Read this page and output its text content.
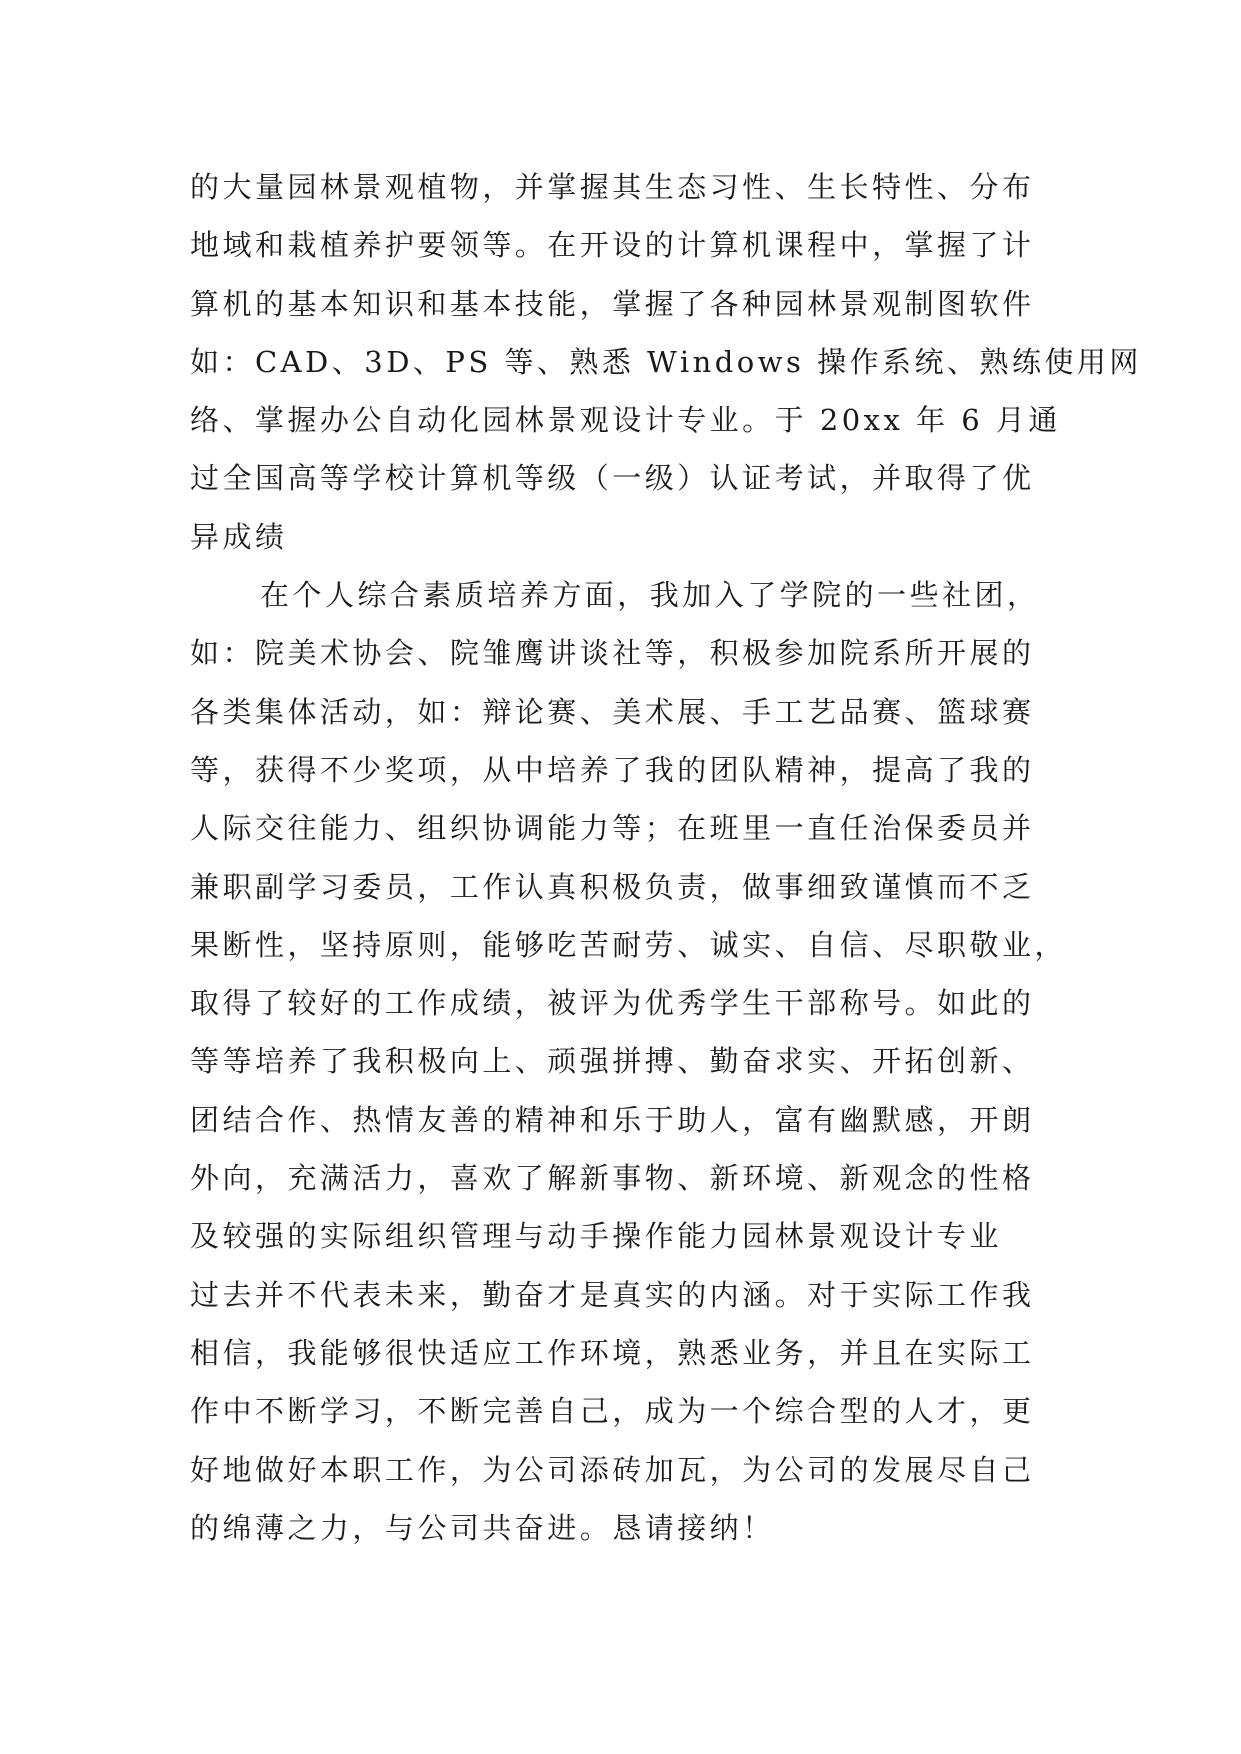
的大量园林景观植物，并掌握其生态习性、生长特性、分布
地域和栽植养护要领等。在开设的计算机课程中，掌握了计
算机的基本知识和基本技能，掌握了各种园林景观制图软件
如：CAD、3D、PS 等、熟悉 Windows 操作系统、熟练使用网
络、掌握办公自动化园林景观设计专业。于 20xx 年 6 月通
过全国高等学校计算机等级（一级）认证考试，并取得了优
异成绩
在个人综合素质培养方面，我加入了学院的一些社团，
如：院美术协会、院雏鹰讲谈社等，积极参加院系所开展的
各类集体活动，如：辩论赛、美术展、手工艺品赛、篮球赛
等，获得不少奖项，从中培养了我的团队精神，提高了我的
人际交往能力、组织协调能力等；在班里一直任治保委员并
兼职副学习委员，工作认真积极负责，做事细致谨慎而不乏
果断性，坚持原则，能够吃苦耐劳、诚实、自信、尽职敬业，
取得了较好的工作成绩，被评为优秀学生干部称号。如此的
等等培养了我积极向上、顽强拼搏、勤奋求实、开拓创新、
团结合作、热情友善的精神和乐于助人，富有幽默感，开朗
外向，充满活力，喜欢了解新事物、新环境、新观念的性格
及较强的实际组织管理与动手操作能力园林景观设计专业
过去并不代表未来，勤奋才是真实的内涵。对于实际工作我
相信，我能够很快适应工作环境，熟悉业务，并且在实际工
作中不断学习，不断完善自己，成为一个综合型的人才，更
好地做好本职工作，为公司添砖加瓦，为公司的发展尽自己
的绵薄之力，与公司共奋进。恳请接纳！
